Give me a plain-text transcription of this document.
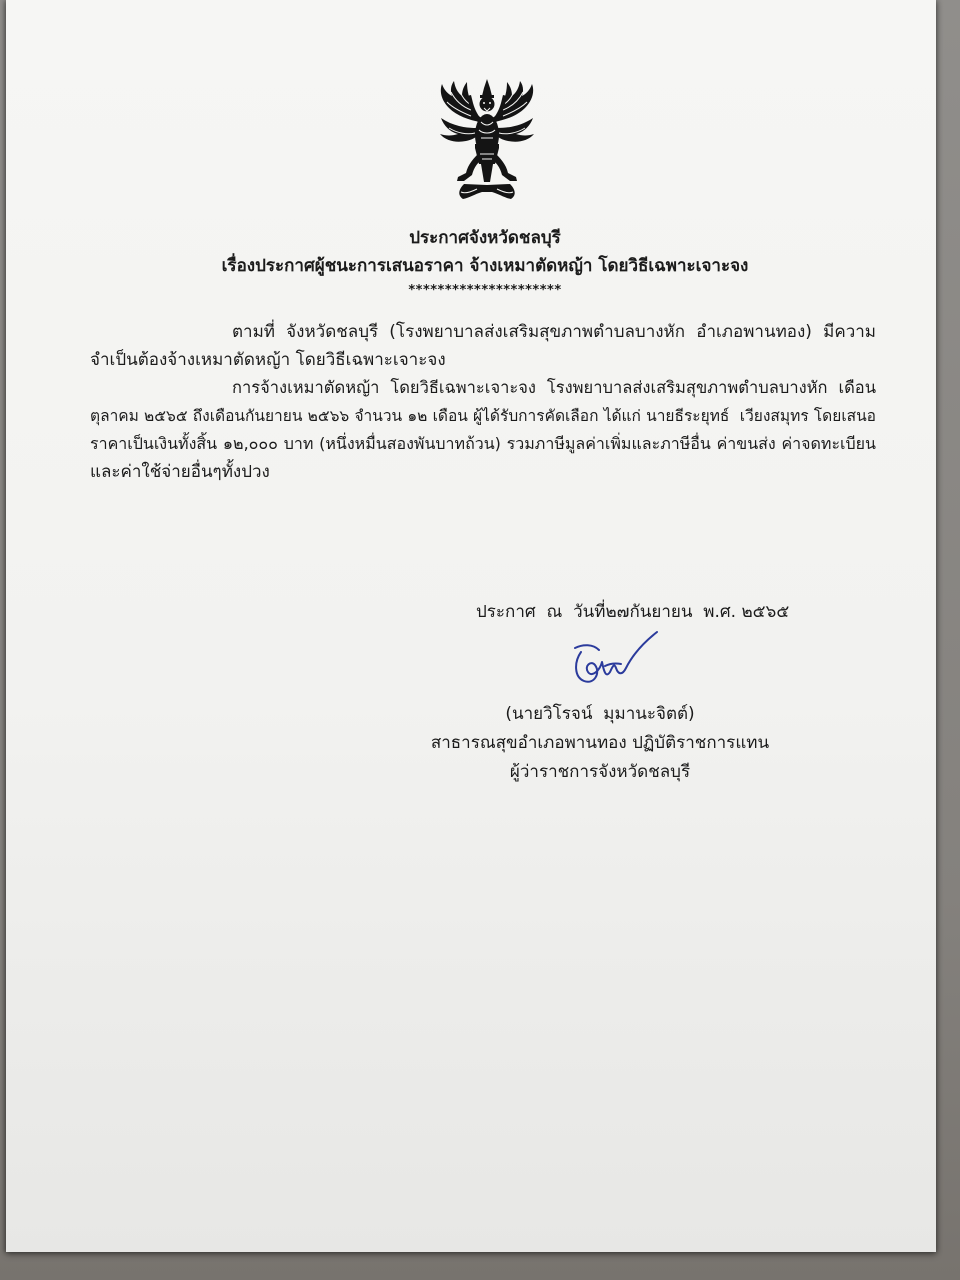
ประกาศจังหวัดชลบุรี
เรื่องประกาศผู้ชนะการเสนอราคา จ้างเหมาตัดหญ้า โดยวิธีเฉพาะเจาะจง
*********************
ตามที่ จังหวัดชลบุรี (โรงพยาบาลส่งเสริมสุขภาพตำบลบางหัก อำเภอพานทอง) มีความ
จำเป็นต้องจ้างเหมาตัดหญ้า โดยวิธีเฉพาะเจาะจง
การจ้างเหมาตัดหญ้า โดยวิธีเฉพาะเจาะจง โรงพยาบาลส่งเสริมสุขภาพตำบลบางหัก เดือน
ตุลาคม ๒๕๖๕ ถึงเดือนกันยายน ๒๕๖๖ จำนวน ๑๒ เดือน ผู้ได้รับการคัดเลือก ได้แก่ นายธีระยุทธ์  เวียงสมุทร โดยเสนอ
ราคาเป็นเงินทั้งสิ้น ๑๒,๐๐๐ บาท (หนึ่งหมื่นสองพันบาทถ้วน) รวมภาษีมูลค่าเพิ่มและภาษีอื่น ค่าขนส่ง ค่าจดทะเบียน
และค่าใช้จ่ายอื่นๆทั้งปวง
ประกาศ  ณ  วันที่๒๗กันยายน  พ.ศ. ๒๕๖๕
(นายวิโรจน์  มุมานะจิตต์)
สาธารณสุขอำเภอพานทอง ปฏิบัติราชการแทน
ผู้ว่าราชการจังหวัดชลบุรี
